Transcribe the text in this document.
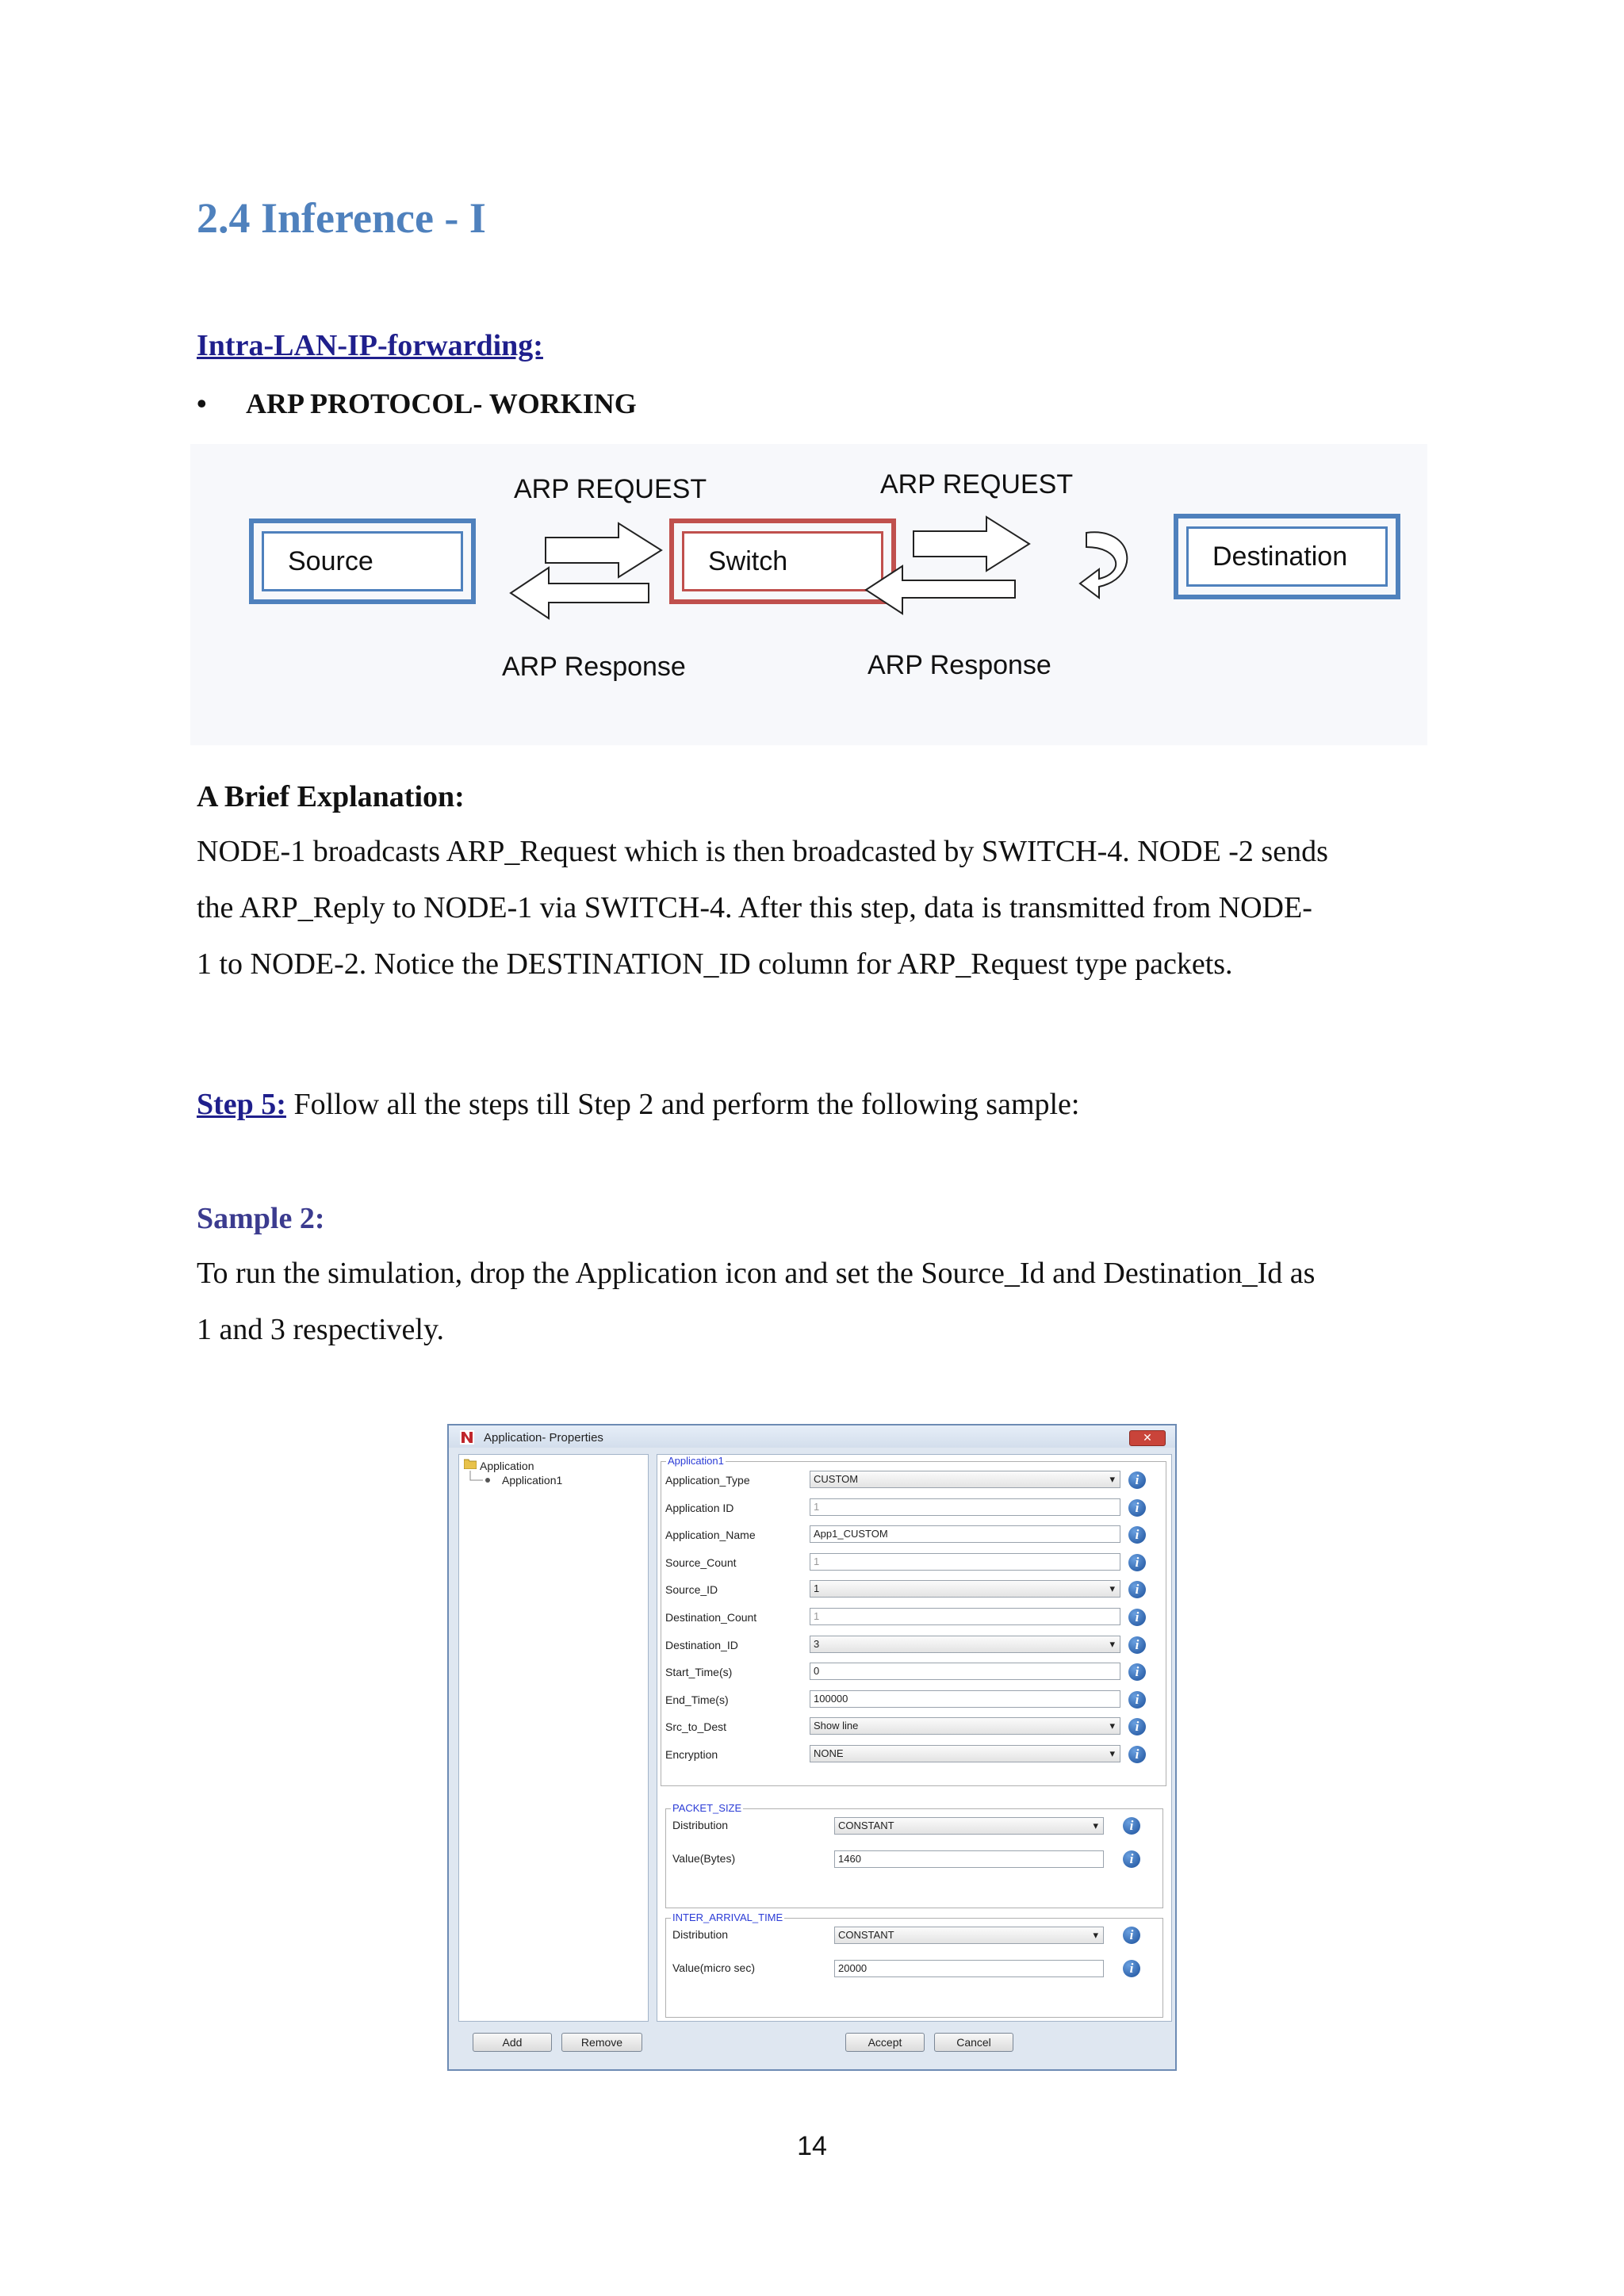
2.4 Inference - I
Intra-LAN-IP-forwarding:
• ARP PROTOCOL- WORKING
ARP REQUEST	ARP REQUEST
ARP Response	ARP Response
Source	Switch	Destination
A Brief Explanation:
NODE-1 broadcasts ARP_Request which is then broadcasted by SWITCH-4. NODE -2 sends
the ARP_Reply to NODE-1 via SWITCH-4. After this step, data is transmitted from NODE-
1 to NODE-2. Notice the DESTINATION_ID column for ARP_Request type packets.
Step 5: Follow all the steps till Step 2 and perform the following sample:
Sample 2:
To run the simulation, drop the Application icon and set the Source_Id and Destination_Id as
1 and 3 respectively.
Application- Properties	✕
Application
Application1
Application1
Application_Type	CUSTOM ▾	i
Application ID	1	i
Application_Name	App1_CUSTOM	i
Source_Count	1	i
Source_ID	1 ▾	i
Destination_Count	1	i
Destination_ID	3 ▾	i
Start_Time(s)	0	i
End_Time(s)	100000	i
Src_to_Dest	Show line ▾	i
Encryption	NONE ▾	i
PACKET_SIZE
Distribution	CONSTANT ▾	i
Value(Bytes)	1460	i
INTER_ARRIVAL_TIME
Distribution	CONSTANT ▾	i
Value(micro sec)	20000	i
Add	Remove	Accept	Cancel
14
